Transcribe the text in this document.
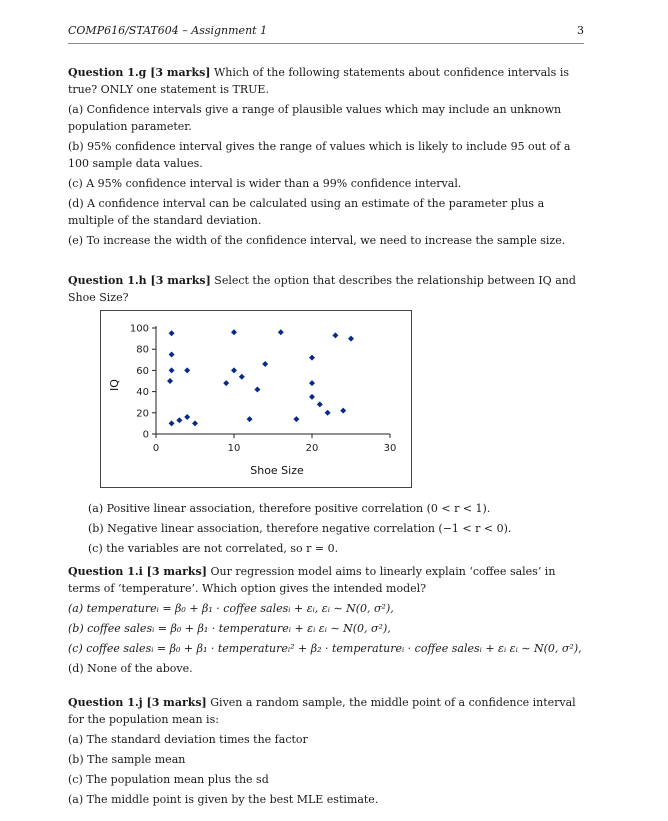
COMP616/STAT604 – Assignment 1	3

Question 1.g [3 marks] Which of the following statements about confidence intervals is true? ONLY one statement is TRUE.

(a) Confidence intervals give a range of plausible values which may include an unknown population parameter.

(b) 95% confidence interval gives the range of values which is likely to include 95 out of a 100 sample data values.

(c) A 95% confidence interval is wider than a 99% confidence interval.

(d) A confidence interval can be calculated using an estimate of the parameter plus a multiple of the standard deviation.

(e) To increase the width of the confidence interval, we need to increase the sample size.

Question 1.h [3 marks] Select the option that describes the relationship between IQ and Shoe Size?

0
20
40
60
80
100
0	10	20	30
Shoe Size
IQ

(a) Positive linear association, therefore positive correlation (0 < r < 1).

(b) Negative linear association, therefore negative correlation (−1 < r < 0).

(c) the variables are not correlated, so r = 0.

Question 1.i [3 marks] Our regression model aims to linearly explain ‘coffee sales’ in terms of ‘temperature’. Which option gives the intended model?

(a) temperatureᵢ = β₀ + β₁ · coffee salesᵢ + εᵢ, εᵢ ∼ N(0, σ²),

(b) coffee salesᵢ = β₀ + β₁ · temperatureᵢ + εᵢ εᵢ ∼ N(0, σ²),

(c) coffee salesᵢ = β₀ + β₁ · temperatureᵢ² + β₂ · temperatureᵢ · coffee salesᵢ + εᵢ εᵢ ∼ N(0, σ²),

(d) None of the above.

Question 1.j [3 marks] Given a random sample, the middle point of a confidence interval for the population mean is:

(a) The standard deviation times the factor

(b) The sample mean

(c) The population mean plus the sd

(a) The middle point is given by the best MLE estimate.
